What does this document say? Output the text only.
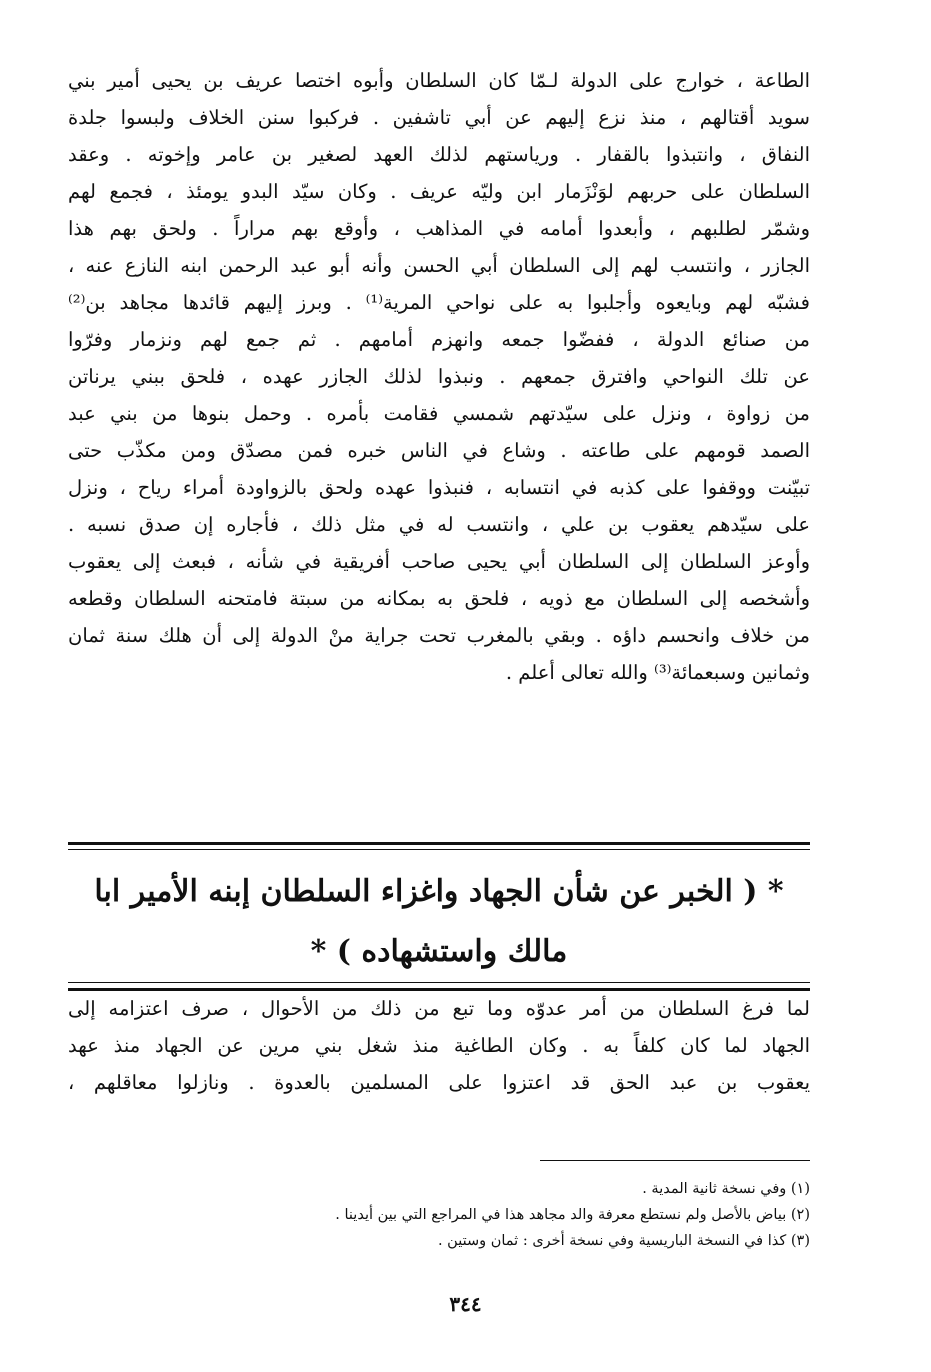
الطاعة ، خوارج على الدولة لـمّا كان السلطان وأبوه اختصا عريف بن يحيى أمير بني
سويد أقتالهم ، منذ نزع إليهم عن أبي تاشفين . فركبوا سنن الخلاف ولبسوا جلدة
النفاق ، وانتبذوا بالقفار . ورياستهم لذلك العهد لصغير بن عامر وإخوته . وعقد
السلطان على حربهم لوَنْزَمار ابن وليّه عريف . وكان سيّد البدو يومئذ ، فجمع لهم
وشمّر لطلبهم ، وأبعدوا أمامه في المذاهب ، وأوقع بهم مراراً . ولحق بهم هذا
الجازر ، وانتسب لهم إلى السلطان أبي الحسن وأنه أبو عبد الرحمن ابنه النازع عنه ،
فشبّه لهم وبايعوه وأجلبوا به على نواحي المرية⁽¹⁾ . وبرز إليهم قائدها مجاهد بن⁽²⁾
من صنائع الدولة ، ففضّوا جمعه وانهزم أمامهم . ثم جمع لهم ونزمار وفرّوا
عن تلك النواحي وافترق جمعهم . ونبذوا لذلك الجازر عهده ، فلحق ببني يرناتن
من زواوة ، ونزل على سيّدتهم شمسي فقامت بأمره . وحمل بنوها من بني عبد
الصمد قومهم على طاعته . وشاع في الناس خبره فمن مصدّق ومن مكذّب حتى
تبيّنت ووقفوا على كذبه في انتسابه ، فنبذوا عهده ولحق بالزواودة أمراء رياح ، ونزل
على سيّدهم يعقوب بن علي ، وانتسب له في مثل ذلك ، فأجاره إن صدق نسبه .
وأوعز السلطان إلى السلطان أبي يحيى صاحب أفريقية في شأنه ، فبعث إلى يعقوب
وأشخصه إلى السلطان مع ذويه ، فلحق به بمكانه من سبتة فامتحنه السلطان وقطعه
من خلاف وانحسم داؤه . وبقي بالمغرب تحت جراية منْ الدولة إلى أن هلك سنة ثمان
وثمانين وسبعمائة⁽³⁾ والله تعالى أعلم .
* ( الخبر عن شأن الجهاد واغزاء السلطان إبنه الأمير ابا
مالك واستشهاده ) *
لما فرغ السلطان من أمر عدوّه وما تبع من ذلك من الأحوال ، صرف اعتزامه إلى
الجهاد لما كان كلفاً به . وكان الطاغية منذ شغل بني مرين عن الجهاد منذ عهد
يعقوب بن عبد الحق قد اعتزوا على المسلمين بالعدوة . ونازلوا معاقلهم ،
(١) وفي نسخة ثانية المدية .
(٢) بياض بالأصل ولم نستطع معرفة والد مجاهد هذا في المراجع التي بين أيدينا .
(٣) كذا في النسخة الباريسية وفي نسخة أخرى : ثمان وستين .
٣٤٤
